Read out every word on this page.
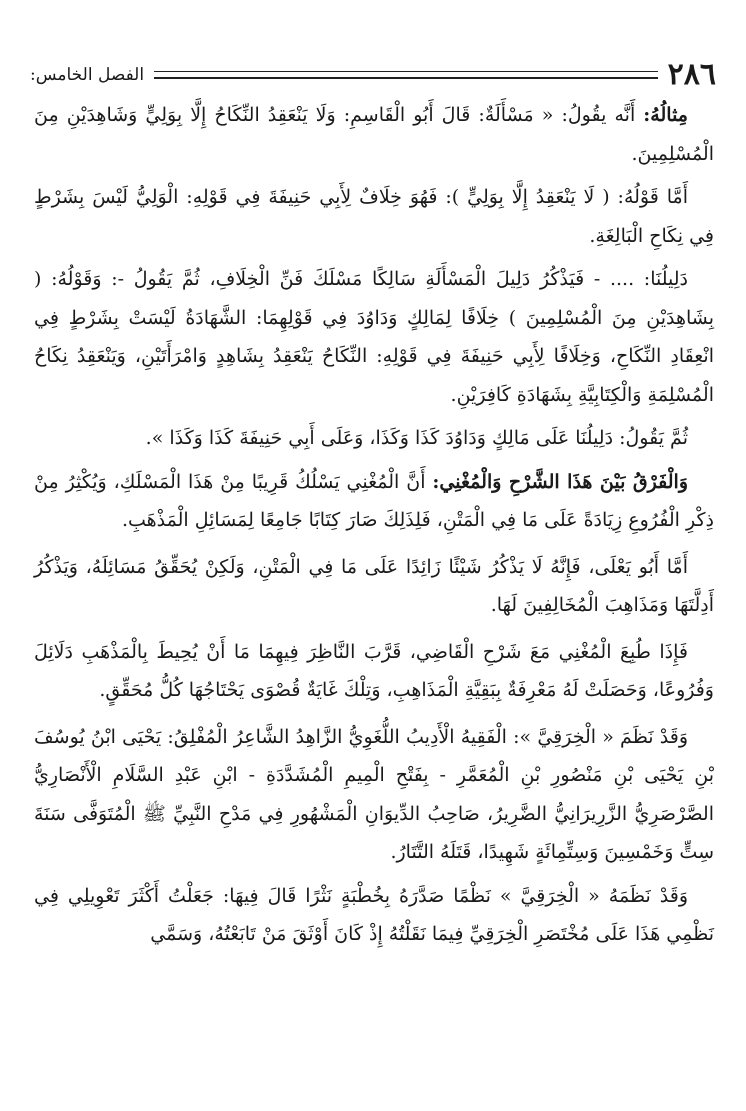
٢٨٦
الفصل الخامس:

مِثالُهُ: أَنَّه يقُولُ: « مَسْأَلَةٌ: قَالَ أَبُو الْقَاسِمِ: وَلَا يَنْعَقِدُ النِّكَاحُ إِلَّا بِوَلِيٍّ وَشَاهِدَيْنِ مِنَ الْمُسْلِمِينَ.

أَمَّا قَوْلُهُ: ( لَا يَنْعَقِدُ إِلَّا بِوَلِيٍّ ): فَهُوَ خِلَافٌ لِأَبِي حَنِيفَةَ فِي قَوْلِهِ: الْوَلِيُّ لَيْسَ بِشَرْطٍ فِي نِكَاحِ الْبَالِغَةِ.

دَلِيلُنَا: .... - فَيَذْكُرُ دَلِيلَ الْمَسْأَلَةِ سَالِكًا مَسْلَكَ فَنِّ الْخِلَافِ، ثُمَّ يَقُولُ -: وَقَوْلُهُ: ( بِشَاهِدَيْنِ مِنَ الْمُسْلِمِينَ ) خِلَافًا لِمَالِكٍ وَدَاوُدَ فِي قَوْلِهِمَا: الشَّهَادَةُ لَيْسَتْ بِشَرْطٍ فِي انْعِقَادِ النِّكَاحِ، وَخِلَافًا لِأَبِي حَنِيفَةَ فِي قَوْلِهِ: النِّكَاحُ يَنْعَقِدُ بِشَاهِدٍ وَامْرَأَتَيْنِ، وَيَنْعَقِدُ نِكَاحُ الْمُسْلِمَةِ وَالْكِتَابِيَّةِ بِشَهَادَةِ كَافِرَيْنِ.

ثُمَّ يَقُولُ: دَلِيلُنَا عَلَى مَالِكٍ وَدَاوُدَ كَذَا وَكَذَا، وَعَلَى أَبِي حَنِيفَةَ كَذَا وَكَذَا ».

وَالْفَرْقُ بَيْنَ هَذَا الشَّرْحِ وَالْمُغْنِي: أَنَّ الْمُغْنِي يَسْلُكُ قَرِيبًا مِنْ هَذَا الْمَسْلَكِ، وَيُكْثِرُ مِنْ ذِكْرِ الْفُرُوعِ زِيَادَةً عَلَى مَا فِي الْمَتْنِ، فَلِذَلِكَ صَارَ كِتَابًا جَامِعًا لِمَسَائِلِ الْمَذْهَبِ.

أَمَّا أَبُو يَعْلَى، فَإِنَّهُ لَا يَذْكُرُ شَيْئًا زَائِدًا عَلَى مَا فِي الْمَتْنِ، وَلَكِنْ يُحَقِّقُ مَسَائِلَهُ، وَيَذْكُرُ أَدِلَّتَهَا وَمَذَاهِبَ الْمُخَالِفِينَ لَهَا.

فَإِذَا طُبِعَ الْمُغْنِي مَعَ شَرْحِ الْقَاضِي، قَرَّبَ النَّاظِرَ فِيهِمَا مَا أَنْ يُحِيطَ بِالْمَذْهَبِ دَلَائِلَ وَفُرُوعًا، وَحَصَلَتْ لَهُ مَعْرِفَةٌ بِبَقِيَّةِ الْمَذَاهِبِ، وَتِلْكَ غَايَةٌ قُصْوَى يَحْتَاجُهَا كُلُّ مُحَقِّقٍ.

وَقَدْ نَظَمَ « الْخِرَقِيَّ »: الْفَقِيهُ الْأَدِيبُ اللُّغَوِيُّ الزَّاهِدُ الشَّاعِرُ الْمُفْلِقُ: يَحْيَى ابْنُ يُوسُفَ بْنِ يَحْيَى بْنِ مَنْصُورِ بْنِ الْمُعَمَّرِ - بِفَتْحِ الْمِيمِ الْمُشَدَّدَةِ - ابْنِ عَبْدِ السَّلَامِ الْأَنْصَارِيُّ الصَّرْصَرِيُّ الزَّرِيرَانِيُّ الضَّرِيرُ، صَاحِبُ الدِّيوَانِ الْمَشْهُورِ فِي مَدْحِ النَّبِيِّ ﷺ الْمُتَوَفَّى سَنَةَ سِتٍّ وَخَمْسِينَ وَسِتِّمِائَةٍ شَهِيدًا، قَتَلَهُ التَّتَارُ.

وَقَدْ نَظَمَهُ « الْخِرَقِيَّ » نَظْمًا صَدَّرَهُ بِخُطْبَةٍ نَثْرًا قَالَ فِيهَا: جَعَلْتُ أَكْثَرَ تَعْوِيلِي فِي نَظْمِي هَذَا عَلَى مُخْتَصَرِ الْخِرَقِيِّ فِيمَا نَقَلْتُهُ إِذْ كَانَ أَوْثَقَ مَنْ تَابَعْتُهُ، وَسَمَّي
